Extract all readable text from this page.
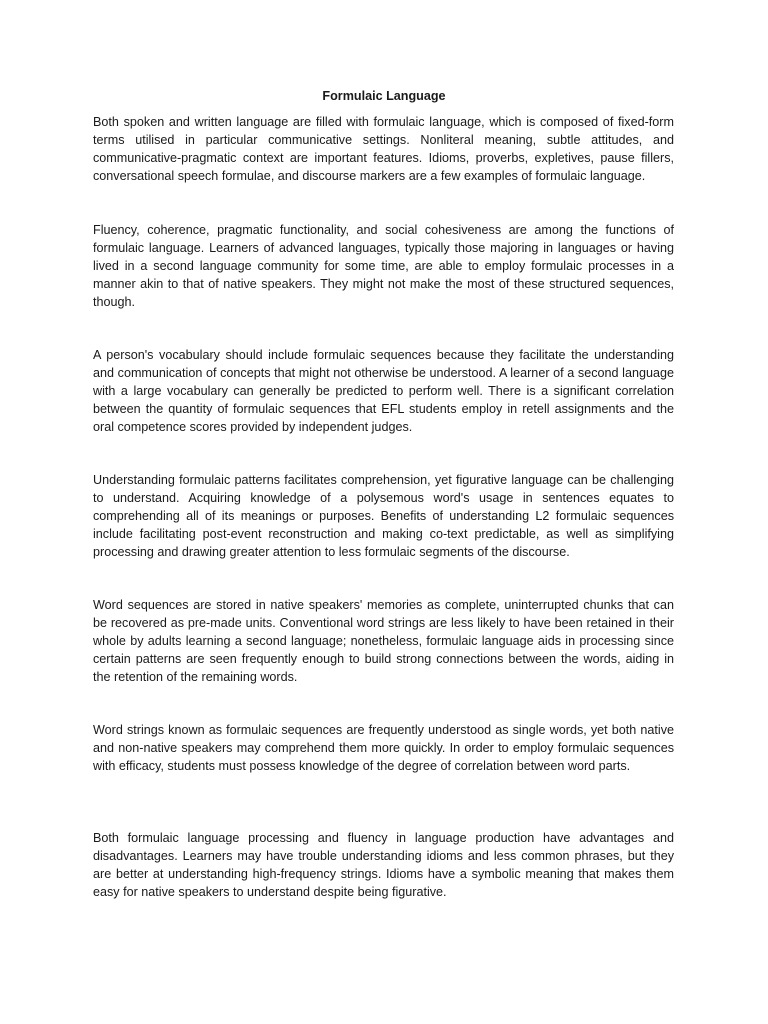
Formulaic Language

Both spoken and written language are filled with formulaic language, which is composed of fixed-form terms utilised in particular communicative settings. Nonliteral meaning, subtle attitudes, and communicative-pragmatic context are important features. Idioms, proverbs, expletives, pause fillers, conversational speech formulae, and discourse markers are a few examples of formulaic language.

Fluency, coherence, pragmatic functionality, and social cohesiveness are among the functions of formulaic language. Learners of advanced languages, typically those majoring in languages or having lived in a second language community for some time, are able to employ formulaic processes in a manner akin to that of native speakers. They might not make the most of these structured sequences, though.

A person's vocabulary should include formulaic sequences because they facilitate the understanding and communication of concepts that might not otherwise be understood. A learner of a second language with a large vocabulary can generally be predicted to perform well. There is a significant correlation between the quantity of formulaic sequences that EFL students employ in retell assignments and the oral competence scores provided by independent judges.

Understanding formulaic patterns facilitates comprehension, yet figurative language can be challenging to understand. Acquiring knowledge of a polysemous word's usage in sentences equates to comprehending all of its meanings or purposes. Benefits of understanding L2 formulaic sequences include facilitating post-event reconstruction and making co-text predictable, as well as simplifying processing and drawing greater attention to less formulaic segments of the discourse.

Word sequences are stored in native speakers' memories as complete, uninterrupted chunks that can be recovered as pre-made units. Conventional word strings are less likely to have been retained in their whole by adults learning a second language; nonetheless, formulaic language aids in processing since certain patterns are seen frequently enough to build strong connections between the words, aiding in the retention of the remaining words.

Word strings known as formulaic sequences are frequently understood as single words, yet both native and non-native speakers may comprehend them more quickly. In order to employ formulaic sequences with efficacy, students must possess knowledge of the degree of correlation between word parts.

Both formulaic language processing and fluency in language production have advantages and disadvantages. Learners may have trouble understanding idioms and less common phrases, but they are better at understanding high-frequency strings. Idioms have a symbolic meaning that makes them easy for native speakers to understand despite being figurative.
